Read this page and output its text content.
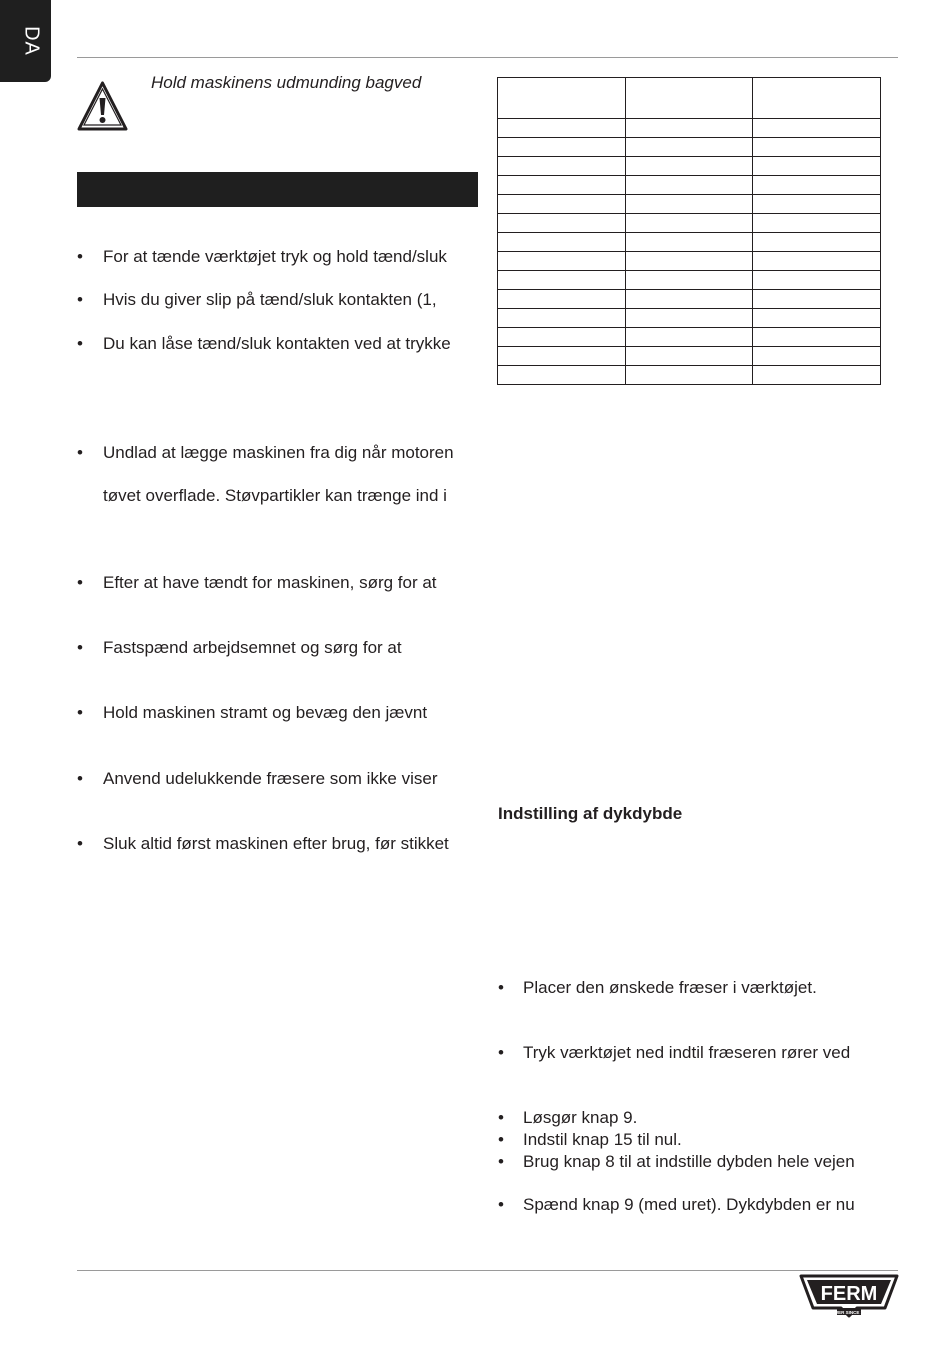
DA
Hold maskinens udmunding bagved
• For at tænde værktøjet tryk og hold tænd/sluk
• Hvis du giver slip på tænd/sluk kontakten (1,
• Du kan låse tænd/sluk kontakten ved at trykke
• Undlad at lægge maskinen fra dig når motoren
tøvet overflade. Støvpartikler kan trænge ind i
• Efter at have tændt for maskinen, sørg for at
• Fastspænd arbejdsemnet og sørg for at
• Hold maskinen stramt og bevæg den jævnt
• Anvend udelukkende fræsere som ikke viser
• Sluk altid først maskinen efter brug, før stikket

Indstilling af dykdybde
• Placer den ønskede fræser i værktøjet.
• Tryk værktøjet ned indtil fræseren rører ved
• Løsgør knap 9.
• Indstil knap 15 til nul.
• Brug knap 8 til at indstille dybden hele vejen
• Spænd knap 9 (med uret). Dykdybden er nu
FERM
POWER SINCE 1965
